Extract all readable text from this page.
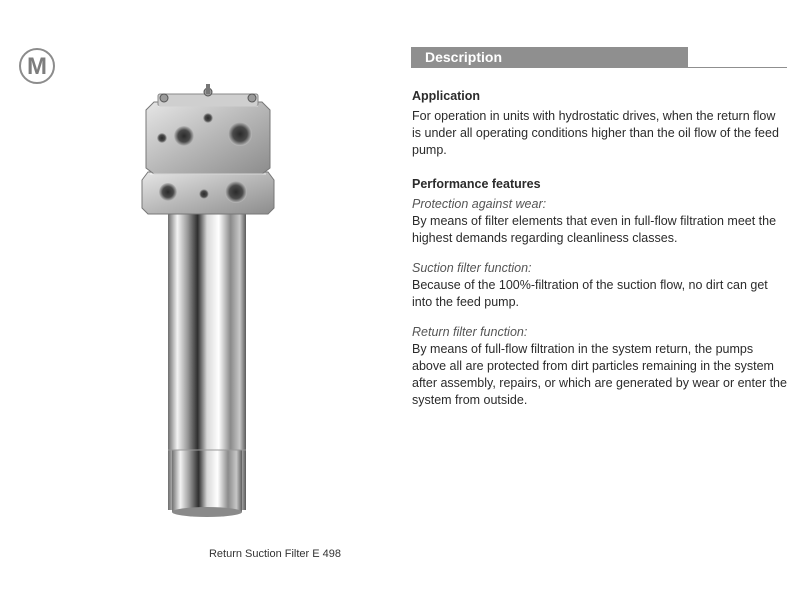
M
Return Suction Filter E 498
Description
Application

For operation in units with hydrostatic drives, when the return flow is under all operating conditions higher than the oil flow of the feed pump.

Performance features

Protection against wear:

By means of filter elements that even in full-flow filtration meet the highest demands regarding cleanliness classes.

Suction filter function:

Because of the 100%-filtration of the suction flow, no dirt can get into the feed pump.

Return filter function:

By means of full-flow filtration in the system return, the pumps above all are protected from dirt particles remaining in the system after assembly, repairs, or which are generated by wear or enter the system from outside.
